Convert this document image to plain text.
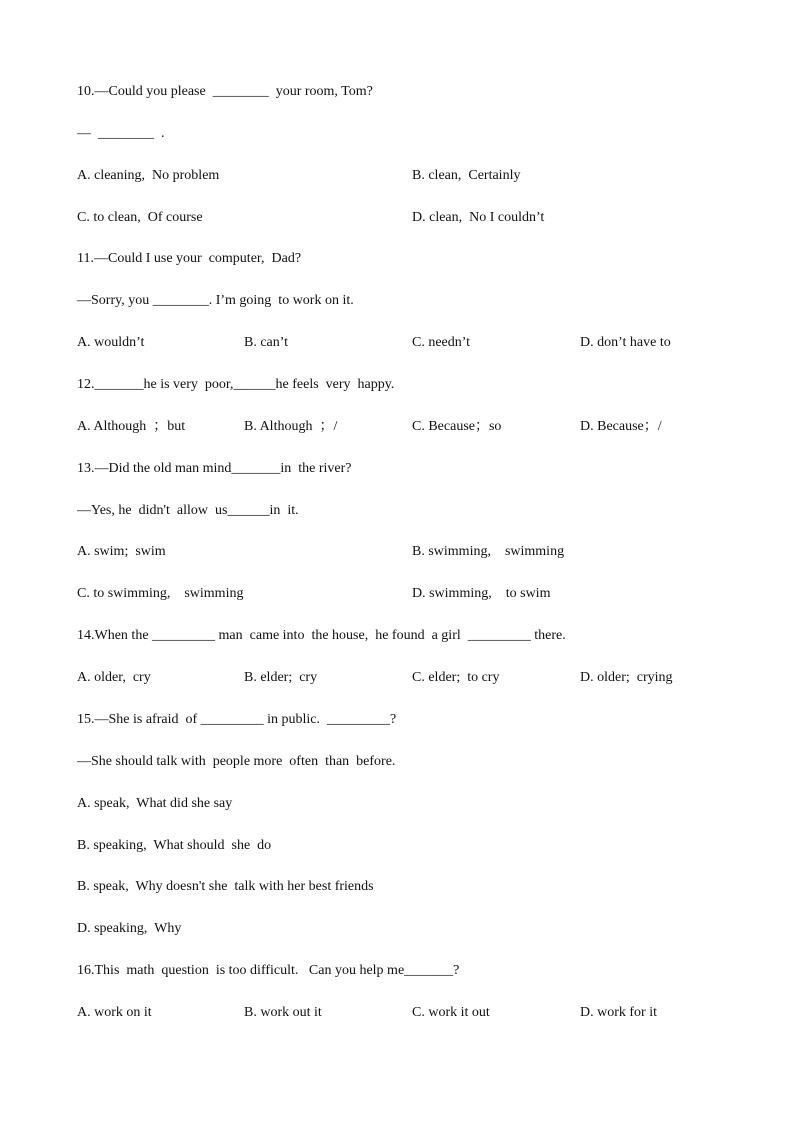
10.—Could you please  ________  your room, Tom?
—  ________  .
A. cleaning,  No problem	B. clean,  Certainly
C. to clean,  Of course	D. clean,  No I couldn’t
11.—Could I use your  computer,  Dad?
—Sorry, you ________. I’m going  to work on it.
A. wouldn’t	B. can’t	C. needn’t	D. don’t have to
12._______he is very  poor,______he feels  very  happy.
A. Although  ；but	B. Although  ；/	C. Because；so	D. Because；/
13.—Did the old man mind_______in  the river?
—Yes, he  didn't  allow  us______in  it.
A. swim;  swim	B. swimming,    swimming
C. to swimming,    swimming	D. swimming,    to swim
14.When the _________ man  came into  the house,  he found  a girl  _________ there.
A. older,  cry	B. elder;  cry	C. elder;  to cry	D. older;  crying
15.—She is afraid  of _________ in public.  _________?
—She should talk with  people more  often  than  before.
A. speak,  What did she say
B. speaking,  What should  she  do
B. speak,  Why doesn't she  talk with her best friends
D. speaking,  Why
16.This  math  question  is too difficult.   Can you help me_______?
A. work on it	B. work out it	C. work it out	D. work for it
